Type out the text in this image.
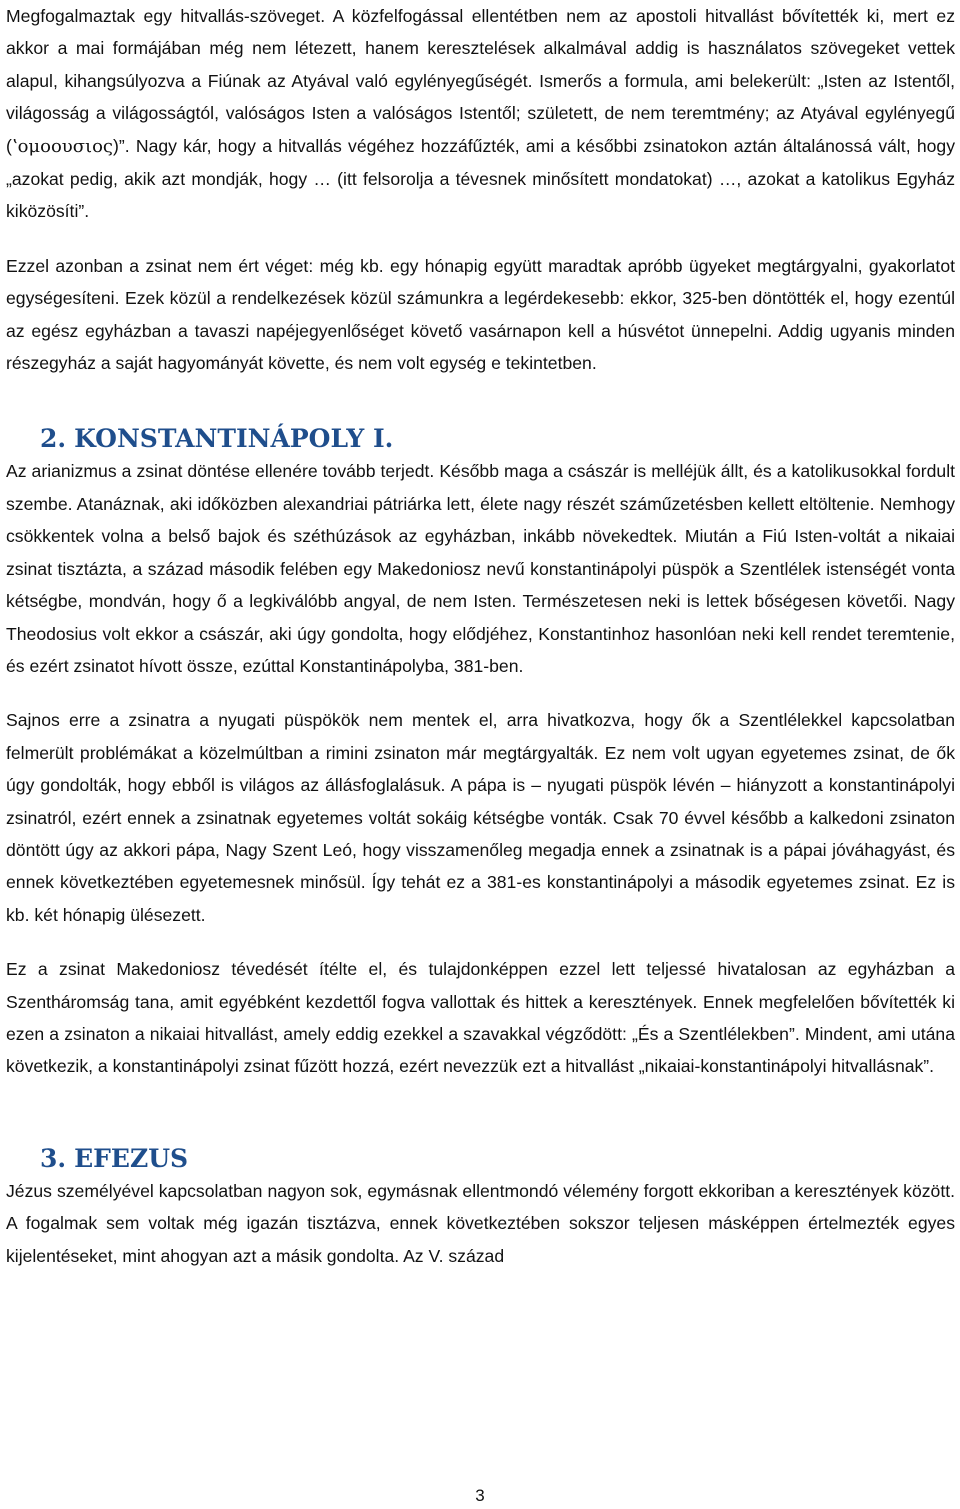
Megfogalmaztak egy hitvallás-szöveget. A közfelfogással ellentétben nem az apostoli hitvallást bővítették ki, mert ez akkor a mai formájában még nem létezett, hanem keresztelések alkalmával addig is használatos szövegeket vettek alapul, kihangsúlyozva a Fiúnak az Atyával való egylényegűségét. Ismerős a formula, ami belekerült: „Isten az Istentől, világosság a világosságtól, valóságos Isten a valóságos Istentől; született, de nem teremtmény; az Atyával egylényegű (ʽομοουσιος)”. Nagy kár, hogy a hitvallás végéhez hozzáfűzték, ami a későbbi zsinatokon aztán általánossá vált, hogy „azokat pedig, akik azt mondják, hogy … (itt felsorolja a tévesnek minősített mondatokat) …, azokat a katolikus Egyház kiközösíti”.

Ezzel azonban a zsinat nem ért véget: még kb. egy hónapig együtt maradtak apróbb ügyeket megtárgyalni, gyakorlatot egységesíteni. Ezek közül a rendelkezések közül számunkra a legérdekesebb: ekkor, 325-ben döntötték el, hogy ezentúl az egész egyházban a tavaszi napéjegyenlőséget követő vasárnapon kell a húsvétot ünnepelni. Addig ugyanis minden részegyház a saját hagyományát követte, és nem volt egység e tekintetben.

2. KONSTANTINÁPOLY I.

Az arianizmus a zsinat döntése ellenére tovább terjedt. Később maga a császár is melléjük állt, és a katolikusokkal fordult szembe. Atanáznak, aki időközben alexandriai pátriárka lett, élete nagy részét száműzetésben kellett eltöltenie. Nemhogy csökkentek volna a belső bajok és széthúzások az egyházban, inkább növekedtek. Miután a Fiú Isten-voltát a nikaiai zsinat tisztázta, a század második felében egy Makedoniosz nevű konstantinápolyi püspök a Szentlélek istenségét vonta kétségbe, mondván, hogy ő a legkiválóbb angyal, de nem Isten. Természetesen neki is lettek bőségesen követői. Nagy Theodosius volt ekkor a császár, aki úgy gondolta, hogy elődjéhez, Konstantinhoz hasonlóan neki kell rendet teremtenie, és ezért zsinatot hívott össze, ezúttal Konstantinápolyba, 381-ben.

Sajnos erre a zsinatra a nyugati püspökök nem mentek el, arra hivatkozva, hogy ők a Szentlélekkel kapcsolatban felmerült problémákat a közelmúltban a rimini zsinaton már megtárgyalták. Ez nem volt ugyan egyetemes zsinat, de ők úgy gondolták, hogy ebből is világos az állásfoglalásuk. A pápa is – nyugati püspök lévén – hiányzott a konstantinápolyi zsinatról, ezért ennek a zsinatnak egyetemes voltát sokáig kétségbe vonták. Csak 70 évvel később a kalkedoni zsinaton döntött úgy az akkori pápa, Nagy Szent Leó, hogy visszamenőleg megadja ennek a zsinatnak is a pápai jóváhagyást, és ennek következtében egyetemesnek minősül. Így tehát ez a 381-es konstantinápolyi a második egyetemes zsinat. Ez is kb. két hónapig ülésezett.

Ez a zsinat Makedoniosz tévedését ítélte el, és tulajdonképpen ezzel lett teljessé hivatalosan az egyházban a Szentháromság tana, amit egyébként kezdettől fogva vallottak és hittek a keresztények. Ennek megfelelően bővítették ki ezen a zsinaton a nikaiai hitvallást, amely eddig ezekkel a szavakkal végződött: „És a Szentlélekben”. Mindent, ami utána következik, a konstantinápolyi zsinat fűzött hozzá, ezért nevezzük ezt a hitvallást „nikaiai-konstantinápolyi hitvallásnak”.

3. EFEZUS

Jézus személyével kapcsolatban nagyon sok, egymásnak ellentmondó vélemény forgott ekkoriban a keresztények között. A fogalmak sem voltak még igazán tisztázva, ennek következtében sokszor teljesen másképpen értelmezték egyes kijelentéseket, mint ahogyan azt a másik gondolta. Az V. század

3
